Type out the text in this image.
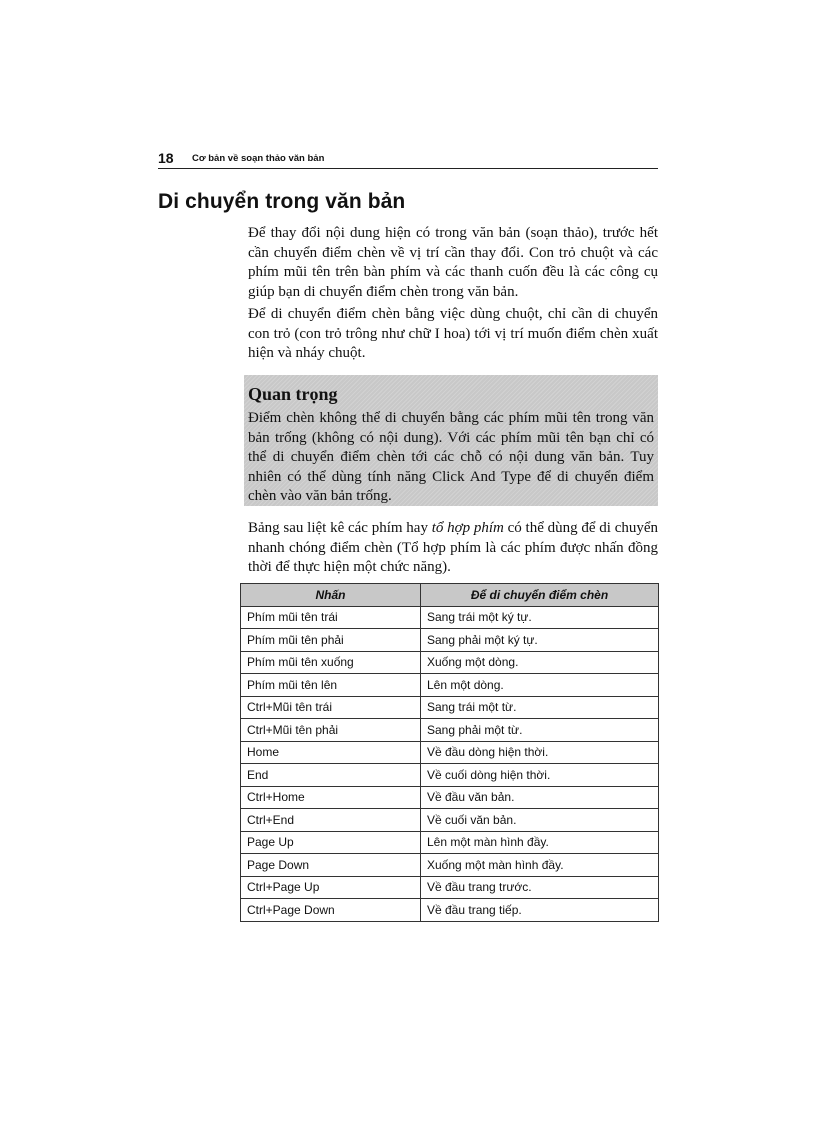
18 Cơ bản về soạn thảo văn bản
Di chuyển trong văn bản

Để thay đổi nội dung hiện có trong văn bản (soạn thảo), trước hết cần chuyển điểm chèn về vị trí cần thay đổi. Con trỏ chuột và các phím mũi tên trên bàn phím và các thanh cuốn đều là các công cụ giúp bạn di chuyển điểm chèn trong văn bản.

Để di chuyển điểm chèn bằng việc dùng chuột, chỉ cần di chuyển con trỏ (con trỏ trông như chữ I hoa) tới vị trí muốn điểm chèn xuất hiện và nháy chuột.

Quan trọng

Điểm chèn không thể di chuyển bằng các phím mũi tên trong văn bản trống (không có nội dung). Với các phím mũi tên bạn chỉ có thể di chuyển điểm chèn tới các chỗ có nội dung văn bản. Tuy nhiên có thể dùng tính năng Click And Type để di chuyển điểm chèn vào văn bản trống.

Bảng sau liệt kê các phím hay tổ hợp phím có thể dùng để di chuyển nhanh chóng điểm chèn (Tổ hợp phím là các phím được nhấn đồng thời để thực hiện một chức năng).

Nhấn	Để di chuyển điểm chèn
Phím mũi tên trái	Sang trái một ký tự.
Phím mũi tên phải	Sang phải một ký tự.
Phím mũi tên xuống	Xuống một dòng.
Phím mũi tên lên	Lên một dòng.
Ctrl+Mũi tên trái	Sang trái một từ.
Ctrl+Mũi tên phải	Sang phải một từ.
Home	Về đầu dòng hiện thời.
End	Về cuối dòng hiện thời.
Ctrl+Home	Về đầu văn bản.
Ctrl+End	Về cuối văn bản.
Page Up	Lên một màn hình đầy.
Page Down	Xuống một màn hình đầy.
Ctrl+Page Up	Về đầu trang trước.
Ctrl+Page Down	Về đầu trang tiếp.
